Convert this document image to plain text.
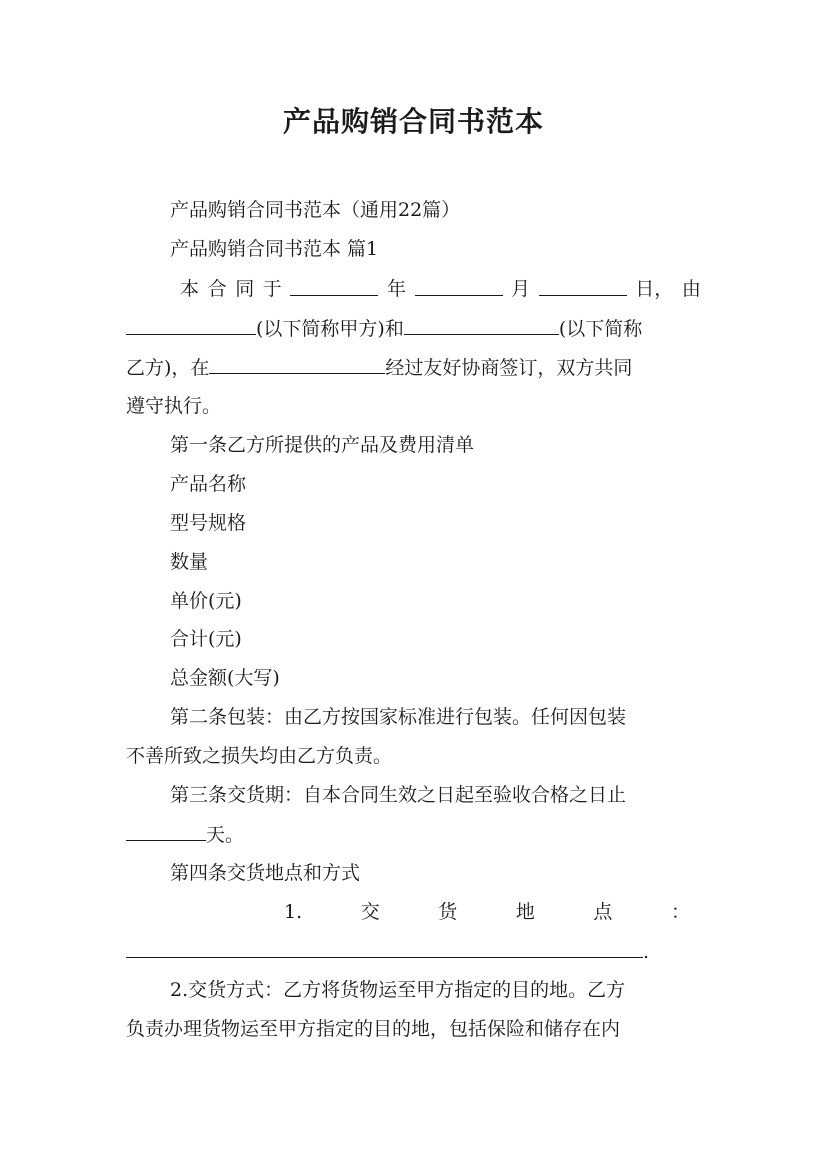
产品购销合同书范本
产品购销合同书范本（通用22篇）
产品购销合同书范本 篇1
本 合 同 于	年	月	日， 由
(以下简称甲方)和	(以下简称
乙方)，在	经过友好协商签订，双方共同
遵守执行。
第一条乙方所提供的产品及费用清单
产品名称
型号规格
数量
单价(元)
合计(元)
总金额(大写)
第二条包装：由乙方按国家标准进行包装。任何因包装
不善所致之损失均由乙方负责。
第三条交货期：自本合同生效之日起至验收合格之日止
天。
第四条交货地点和方式
1.	交	货	地	点	：
.
2.交货方式：乙方将货物运至甲方指定的目的地。乙方
负责办理货物运至甲方指定的目的地，包括保险和储存在内
